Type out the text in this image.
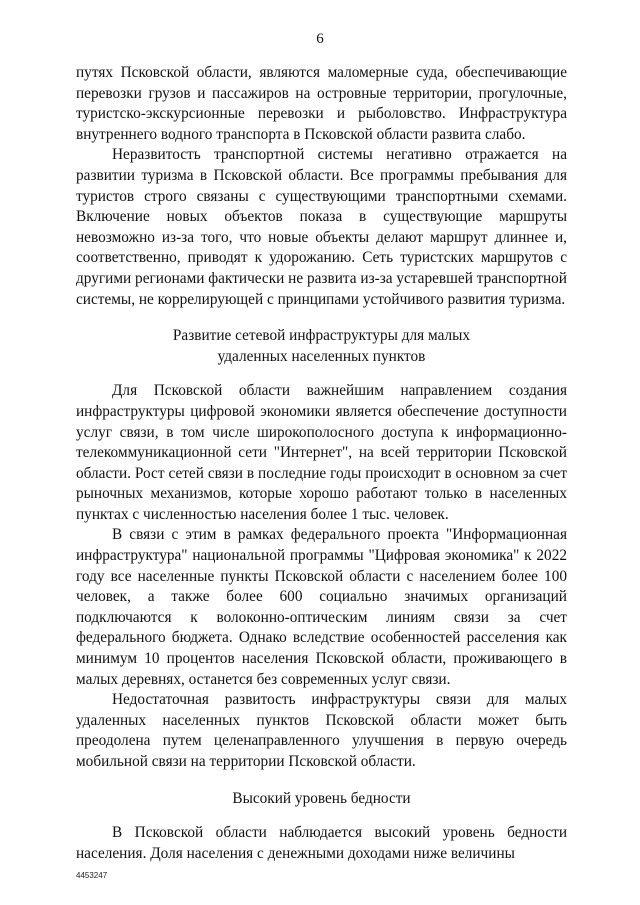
6

путях Псковской области, являются маломерные суда, обеспечивающие перевозки грузов и пассажиров на островные территории, прогулочные, туристско-экскурсионные перевозки и рыболовство. Инфраструктура внутреннего водного транспорта в Псковской области развита слабо.

Неразвитость транспортной системы негативно отражается на развитии туризма в Псковской области. Все программы пребывания для туристов строго связаны с существующими транспортными схемами. Включение новых объектов показа в существующие маршруты невозможно из-за того, что новые объекты делают маршрут длиннее и, соответственно, приводят к удорожанию. Сеть туристских маршрутов с другими регионами фактически не развита из-за устаревшей транспортной системы, не коррелирующей с принципами устойчивого развития туризма.

Развитие сетевой инфраструктуры для малых
удаленных населенных пунктов

Для Псковской области важнейшим направлением создания инфраструктуры цифровой экономики является обеспечение доступности услуг связи, в том числе широкополосного доступа к информационно-телекоммуникационной сети "Интернет", на всей территории Псковской области. Рост сетей связи в последние годы происходит в основном за счет рыночных механизмов, которые хорошо работают только в населенных пунктах с численностью населения более 1 тыс. человек.

В связи с этим в рамках федерального проекта "Информационная инфраструктура" национальной программы "Цифровая экономика" к 2022 году все населенные пункты Псковской области с населением более 100 человек, а также более 600 социально значимых организаций подключаются к волоконно-оптическим линиям связи за счет федерального бюджета. Однако вследствие особенностей расселения как минимум 10 процентов населения Псковской области, проживающего в малых деревнях, останется без современных услуг связи.

Недостаточная развитость инфраструктуры связи для малых удаленных населенных пунктов Псковской области может быть преодолена путем целенаправленного улучшения в первую очередь мобильной связи на территории Псковской области.

Высокий уровень бедности

В Псковской области наблюдается высокий уровень бедности населения. Доля населения с денежными доходами ниже величины

4453247
